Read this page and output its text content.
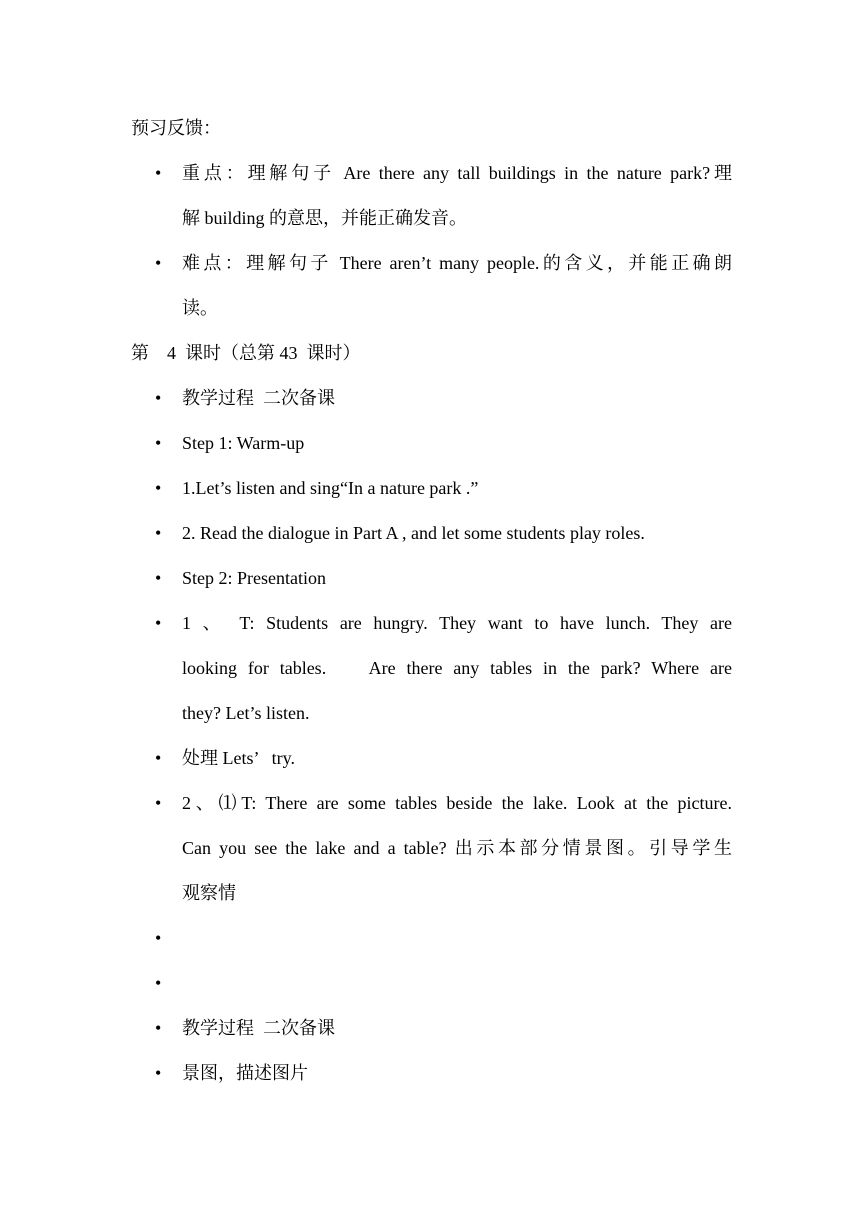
预习反馈：
• 重点：理解句子 Are there any tall buildings in the nature park?理
解 building 的意思，并能正确发音。
• 难点：理解句子 There aren’t many people.的含义，并能正确朗
读。
第    4  课时（总第 43  课时）
• 教学过程  二次备课
• Step 1: Warm-up
• 1.Let’s listen and sing“In a nature park .”
• 2. Read the dialogue in Part A , and let some students play roles.
• Step 2: Presentation
• 1 、 T: Students are hungry. They want to have lunch. They are
looking for tables.    Are there any tables in the park? Where are
they? Let’s listen.
• 处理 Lets’   try.
• 2、⑴T: There are some tables beside the lake. Look at the picture.
Can you see the lake and a table? 出示本部分情景图。引导学生
观察情
•
•
• 教学过程  二次备课
• 景图，描述图片
